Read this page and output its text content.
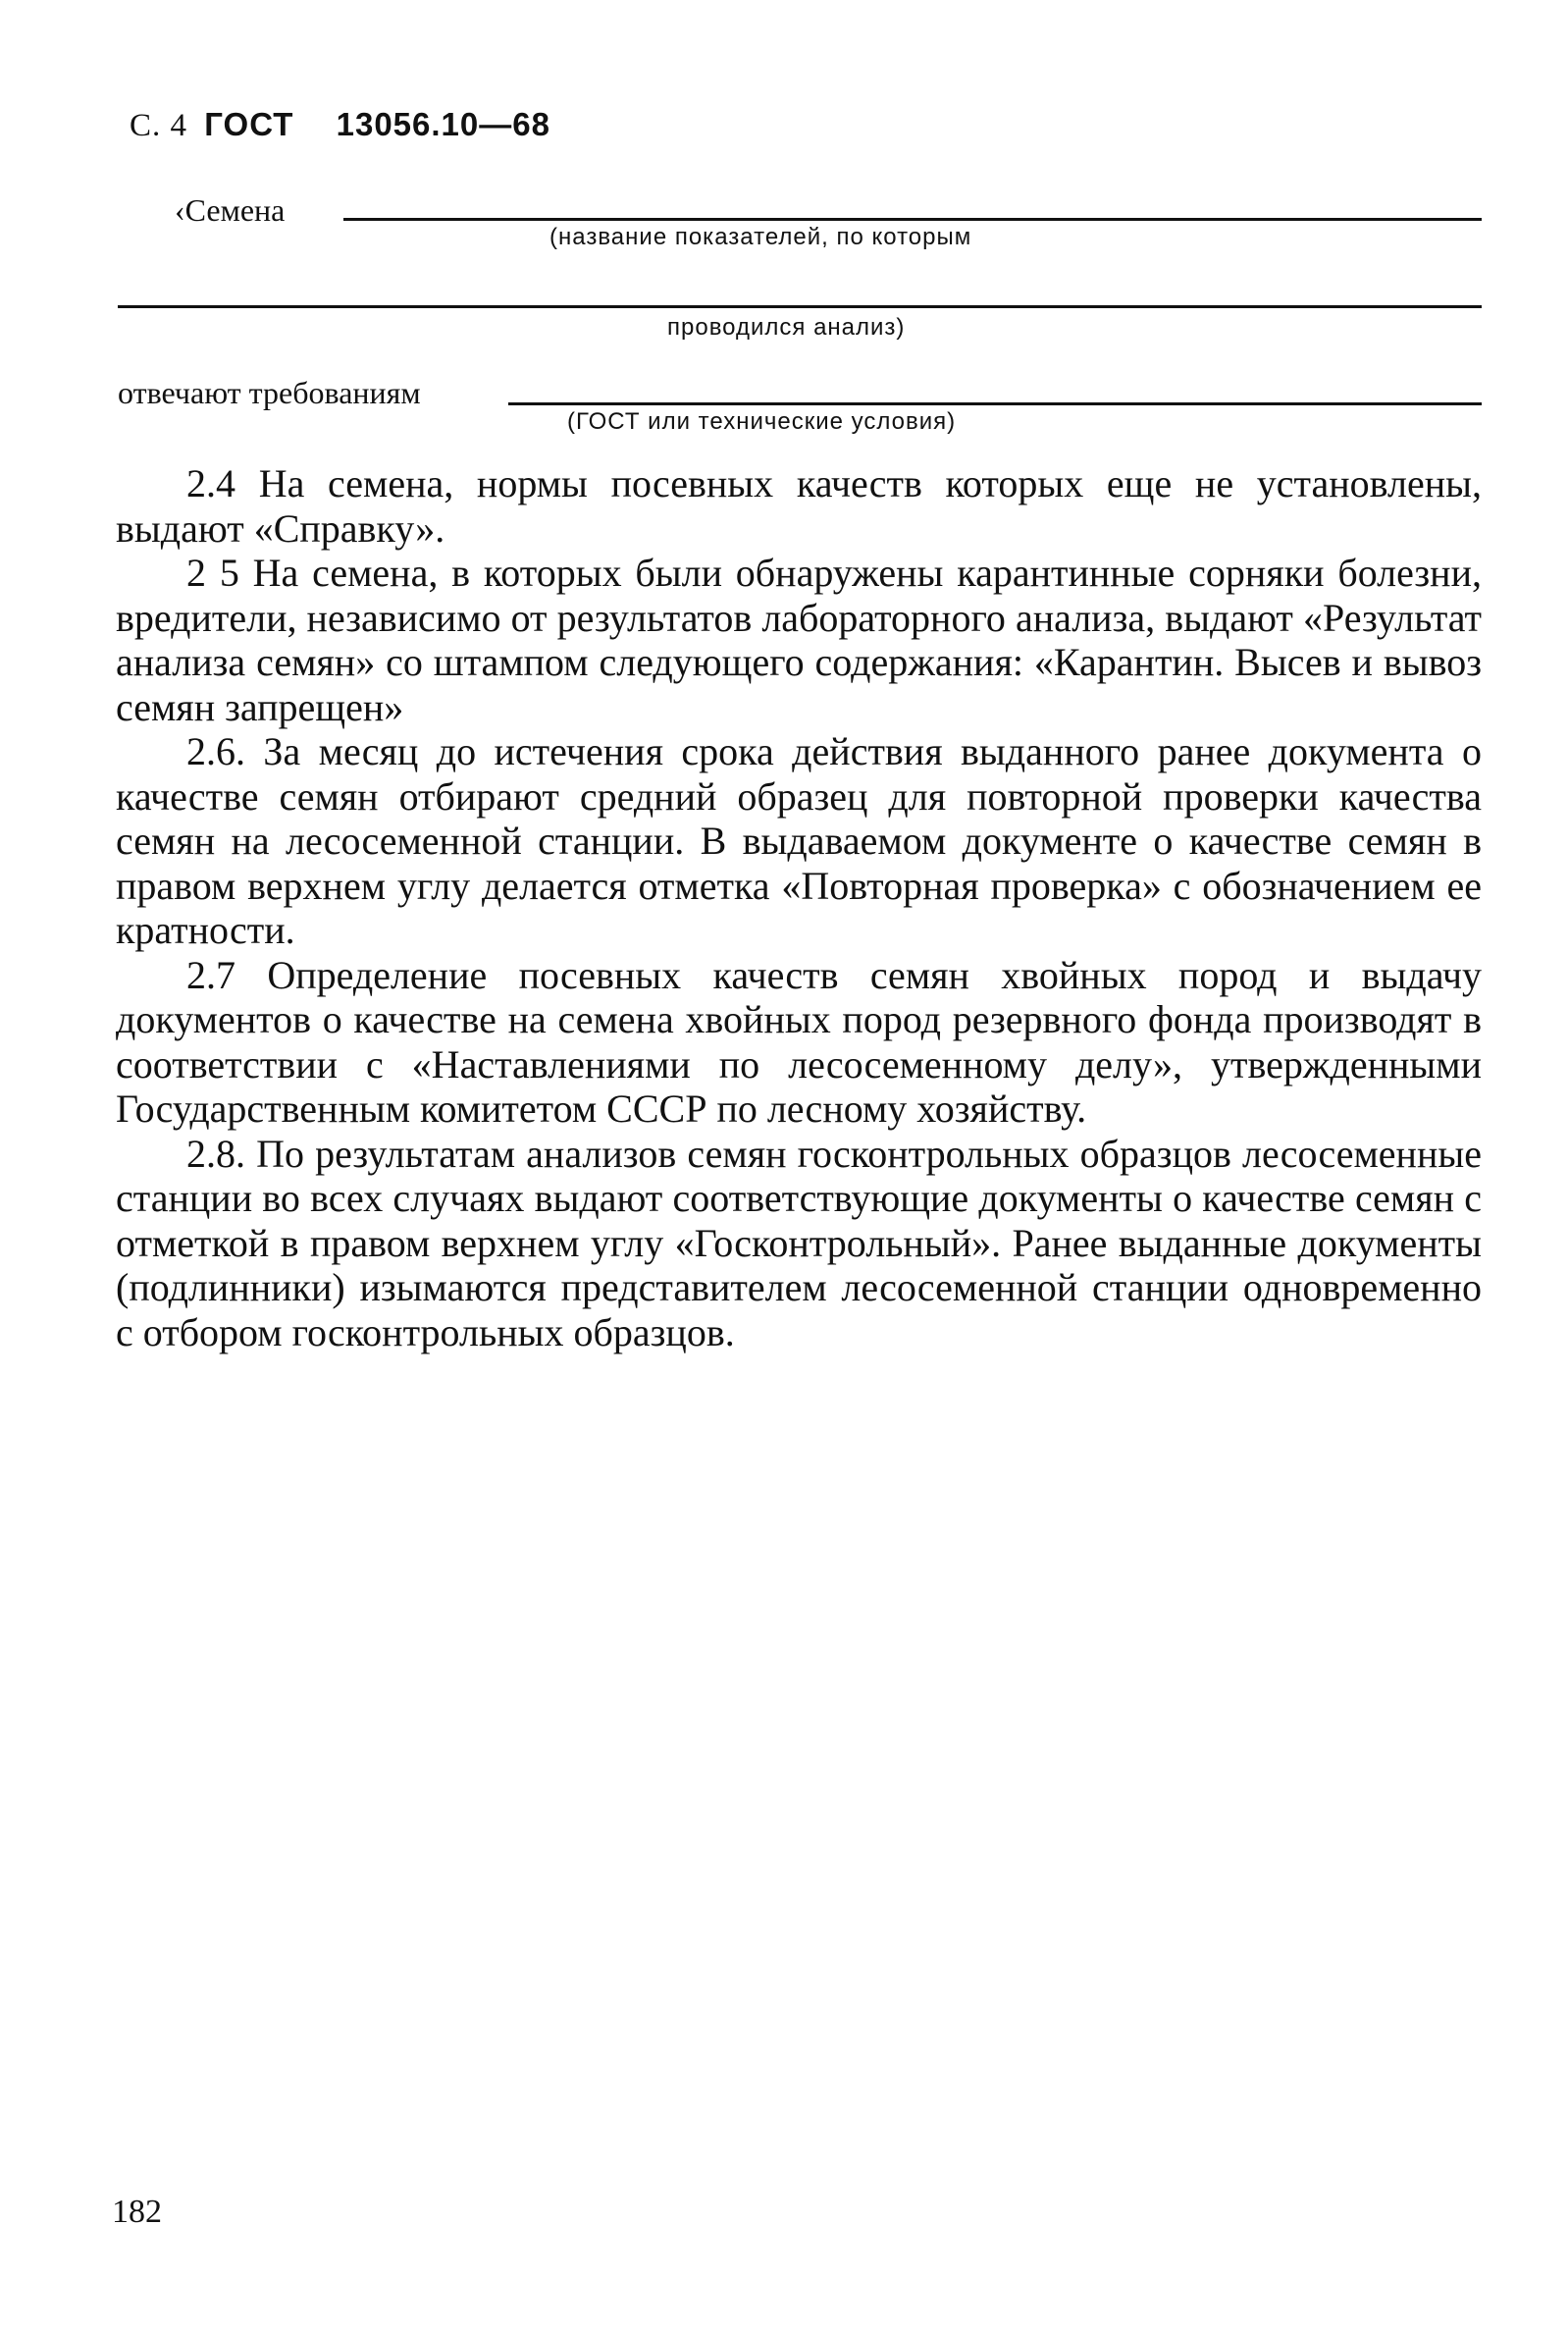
С. 4 ГОСТ 13056.10—68
‹Семена
(название показателей, по которым
проводился анализ)
отвечают требованиям
(ГОСТ или технические условия)

2.4 На семена, нормы посевных качеств которых еще не установлены, выдают «Справку».

2 5 На семена, в которых были обнаружены карантинные сорняки болезни, вредители, независимо от результатов лабораторного анализа, выдают «Результат анализа семян» со штампом следующего содержания: «Карантин. Высев и вывоз семян запрещен»

2.6. За месяц до истечения срока действия выданного ранее документа о качестве семян отбирают средний образец для повторной проверки качества семян на лесосеменной станции. В выдаваемом документе о качестве семян в правом верхнем углу делается отметка «Повторная проверка» с обозначением ее кратности.

2.7 Определение посевных качеств семян хвойных пород и выдачу документов о качестве на семена хвойных пород резервного фонда производят в соответствии с «Наставлениями по лесосеменному делу», утвержденными Государственным комитетом СССР по лесному хозяйству.

2.8. По результатам анализов семян госконтрольных образцов лесосеменные станции во всех случаях выдают соответствующие документы о качестве семян с отметкой в правом верхнем углу «Госконтрольный». Ранее выданные документы (подлинники) изымаются представителем лесосеменной станции одновременно с отбором госконтрольных образцов.

182
